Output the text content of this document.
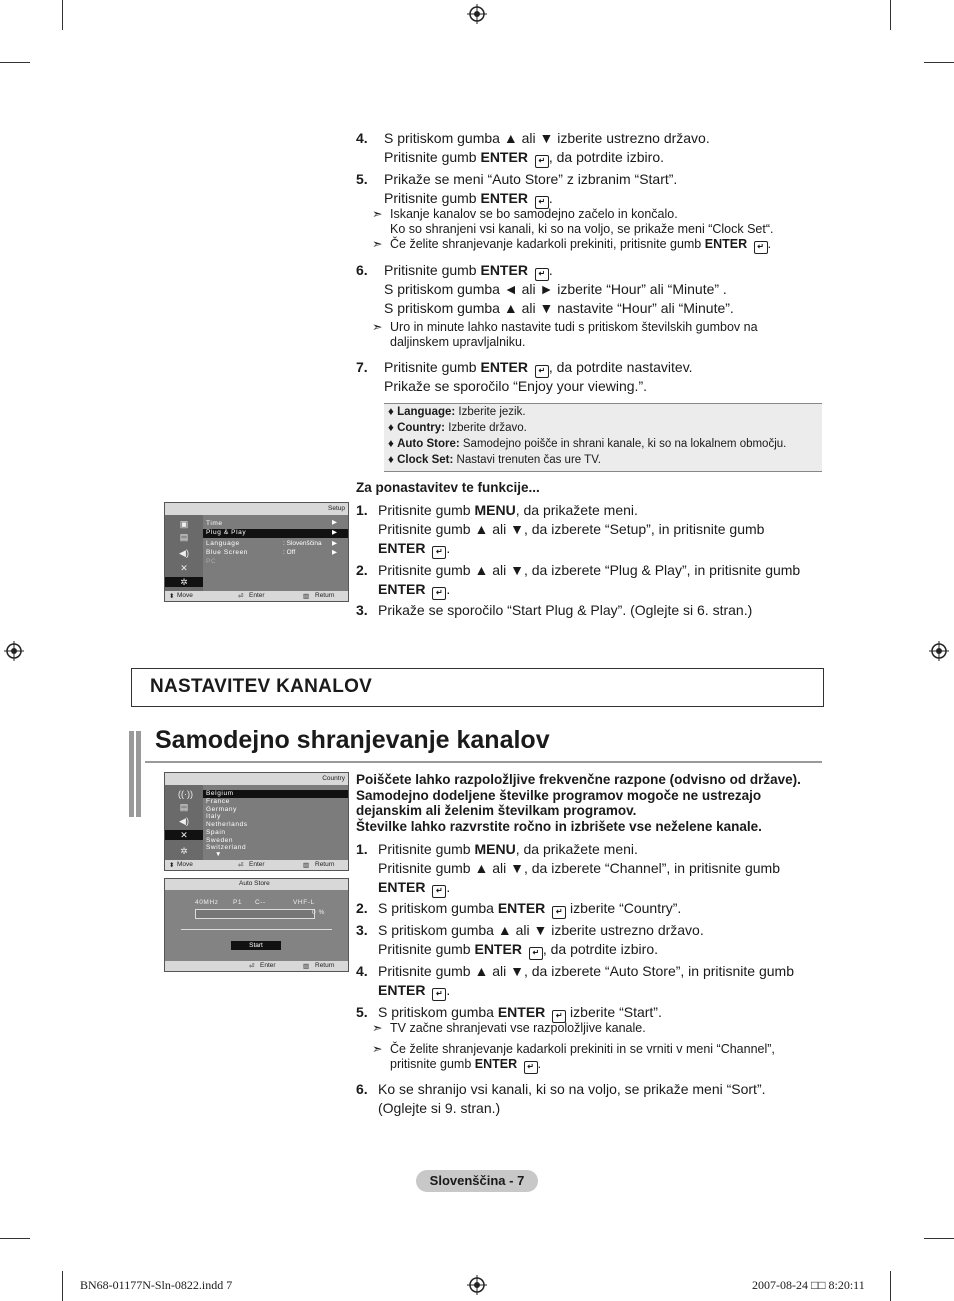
4. S pritiskom gumba ▲ ali ▼ izberite ustrezno državo.
Pritisnite gumb ENTER ↵ , da potrdite izbiro.
5. Prikaže se meni “Auto Store” z izbranim “Start”.
Pritisnite gumb ENTER ↵ .
➣ Iskanje kanalov se bo samodejno začelo in končalo.
Ko so shranjeni vsi kanali, ki so na voljo, se prikaže meni “Clock Set“.
➣ Če želite shranjevanje kadarkoli prekiniti, pritisnite gumb ENTER ↵ .
6. Pritisnite gumb ENTER ↵ .
S pritiskom gumba ◄ ali ► izberite “Hour” ali “Minute” .
S pritiskom gumba ▲ ali ▼ nastavite “Hour” ali “Minute”.
➣ Uro in minute lahko nastavite tudi s pritiskom številskih gumbov na
daljinskem upravljalniku.
7. Pritisnite gumb ENTER ↵ , da potrdite nastavitev.
Prikaže se sporočilo “Enjoy your viewing.”.
♦ Language: Izberite jezik.
♦ Country: Izberite državo.
♦ Auto Store: Samodejno poišče in shrani kanale, ki so na lokalnem območju.
♦ Clock Set: Nastavi trenuten čas ure TV.
Za ponastavitev te funkcije...
1. Pritisnite gumb MENU, da prikažete meni.
Pritisnite gumb ▲ ali ▼, da izberete “Setup”, in pritisnite gumb
ENTER ↵ .
2. Pritisnite gumb ▲ ali ▼, da izberete “Plug & Play”, in pritisnite gumb
ENTER ↵ .
3. Prikaže se sporočilo “Start Plug & Play”. (Oglejte si 6. stran.)
Setup
▣
▤
◀)
✕
✲
Time
Plug & Play
Language
Blue Screen
PC
: Slovenščina
: Off
▶
▶
▶
▶
⬍ Move	⏎ Enter	▥ Return
NASTAVITEV KANALOV
Samodejno shranjevanje kanalov
Country
((·))
▤
◀)
✕
✲
Belgium
France
Germany
Italy
Netherlands
Spain
Sweden
Switzerland
▼
⬍ Move	⏎ Enter	▥ Return
Auto Store
40MHz P1 C--	VHF-L
0 %
Start
⏎ Enter	▥ Return
Poiščete lahko razpoložljive frekvenčne razpone (odvisno od države).
Samodejno dodeljene številke programov mogoče ne ustrezajo
dejanskim ali želenim številkam programov.
Številke lahko razvrstite ročno in izbrišete vse neželene kanale.
1. Pritisnite gumb MENU, da prikažete meni.
Pritisnite gumb ▲ ali ▼, da izberete “Channel”, in pritisnite gumb
ENTER ↵ .
2. S pritiskom gumba ENTER ↵ izberite “Country”.
3. S pritiskom gumba ▲ ali ▼ izberite ustrezno državo.
Pritisnite gumb ENTER ↵ , da potrdite izbiro.
4. Pritisnite gumb ▲ ali ▼, da izberete “Auto Store”, in pritisnite gumb
ENTER ↵ .
5. S pritiskom gumba ENTER ↵ izberite “Start”.
➣ TV začne shranjevati vse razpoložljive kanale.
➣ Če želite shranjevanje kadarkoli prekiniti in se vrniti v meni “Channel”,
pritisnite gumb ENTER ↵ .
6. Ko se shranijo vsi kanali, ki so na voljo, se prikaže meni “Sort”.
(Oglejte si 9. stran.)
Slovenščina - 7
BN68-01177N-Sln-0822.indd 7	2007-08-24 □□ 8:20:11
